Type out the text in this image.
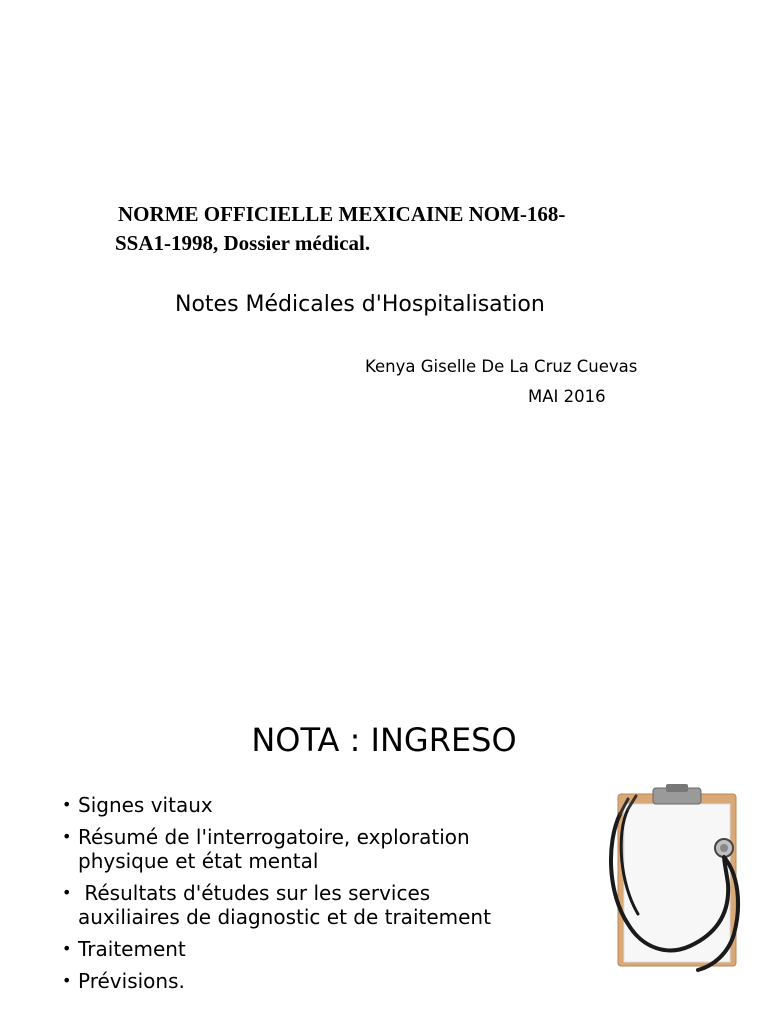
NORME OFFICIELLE MEXICAINE NOM-168-
SSA1-1998, Dossier médical.
Notes Médicales d'Hospitalisation
Kenya Giselle De La Cruz Cuevas
MAI 2016
NOTA : INGRESO
• Signes vitaux
• Résumé de l'interrogatoire, exploration
physique et état mental
•  Résultats d'études sur les services
auxiliaires de diagnostic et de traitement
• Traitement
• Prévisions.
